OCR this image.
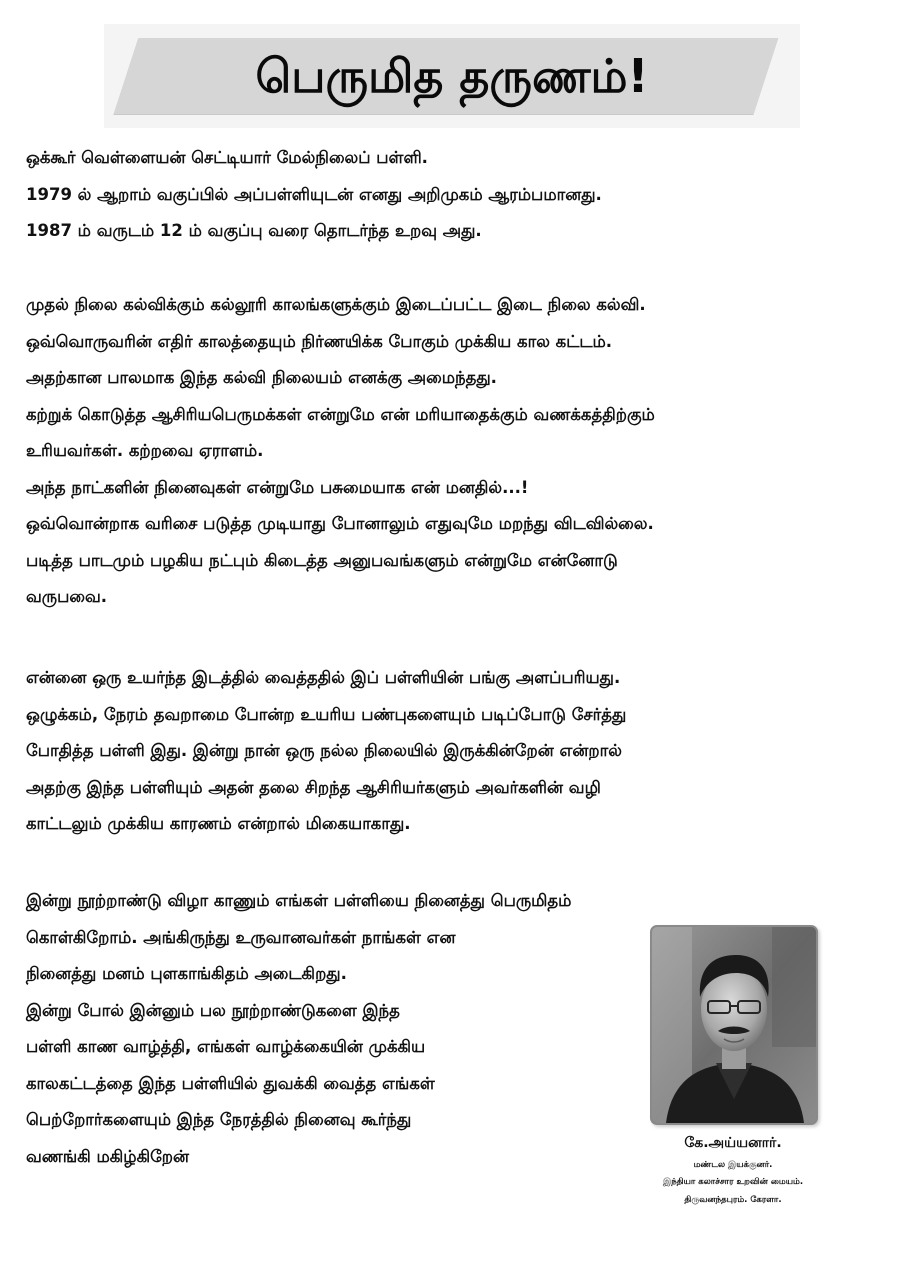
பெருமித தருணம்!
ஒக்கூர் வெள்ளையன் செட்டியார் மேல்நிலைப் பள்ளி.
1979 ல் ஆறாம் வகுப்பில் அப்பள்ளியுடன் எனது அறிமுகம் ஆரம்பமானது.
1987 ம் வருடம் 12 ம் வகுப்பு வரை தொடர்ந்த உறவு அது.
முதல் நிலை கல்விக்கும் கல்லூரி காலங்களுக்கும் இடைப்பட்ட இடை நிலை கல்வி.
ஒவ்வொருவரின் எதிர் காலத்தையும் நிர்ணயிக்க போகும் முக்கிய கால கட்டம்.
அதற்கான பாலமாக இந்த கல்வி நிலையம் எனக்கு அமைந்தது.
கற்றுக் கொடுத்த ஆசிரியபெருமக்கள் என்றுமே என் மரியாதைக்கும் வணக்கத்திற்கும்
உரியவர்கள். கற்றவை ஏராளம்.
அந்த நாட்களின் நினைவுகள் என்றுமே பசுமையாக என் மனதில்...!
ஒவ்வொன்றாக வரிசை படுத்த முடியாது போனாலும் எதுவுமே மறந்து விடவில்லை.
படித்த பாடமும் பழகிய நட்பும் கிடைத்த அனுபவங்களும் என்றுமே என்னோடு
வருபவை.
என்னை ஒரு உயர்ந்த இடத்தில் வைத்ததில் இப் பள்ளியின் பங்கு அளப்பரியது.
ஒழுக்கம், நேரம் தவறாமை போன்ற உயரிய பண்புகளையும் படிப்போடு சேர்த்து
போதித்த பள்ளி இது. இன்று நான் ஒரு நல்ல நிலையில் இருக்கின்றேன் என்றால்
அதற்கு இந்த பள்ளியும் அதன் தலை சிறந்த ஆசிரியர்களும் அவர்களின் வழி
காட்டலும் முக்கிய காரணம் என்றால் மிகையாகாது.
இன்று நூற்றாண்டு விழா காணும் எங்கள் பள்ளியை நினைத்து பெருமிதம்
கொள்கிறோம். அங்கிருந்து உருவானவர்கள் நாங்கள் என
நினைத்து மனம் புளகாங்கிதம் அடைகிறது.
இன்று போல் இன்னும் பல நூற்றாண்டுகளை இந்த
பள்ளி காண வாழ்த்தி, எங்கள் வாழ்க்கையின் முக்கிய
காலகட்டத்தை இந்த பள்ளியில் துவக்கி வைத்த எங்கள்
பெற்றோர்களையும் இந்த நேரத்தில் நினைவு கூர்ந்து
வணங்கி மகிழ்கிறேன்
கே.அய்யனார்.
மண்டல இயக்குனர்.
இந்தியா கலாச்சார உறவின் மையம்.
திருவனந்தபுரம். கேரளா.
